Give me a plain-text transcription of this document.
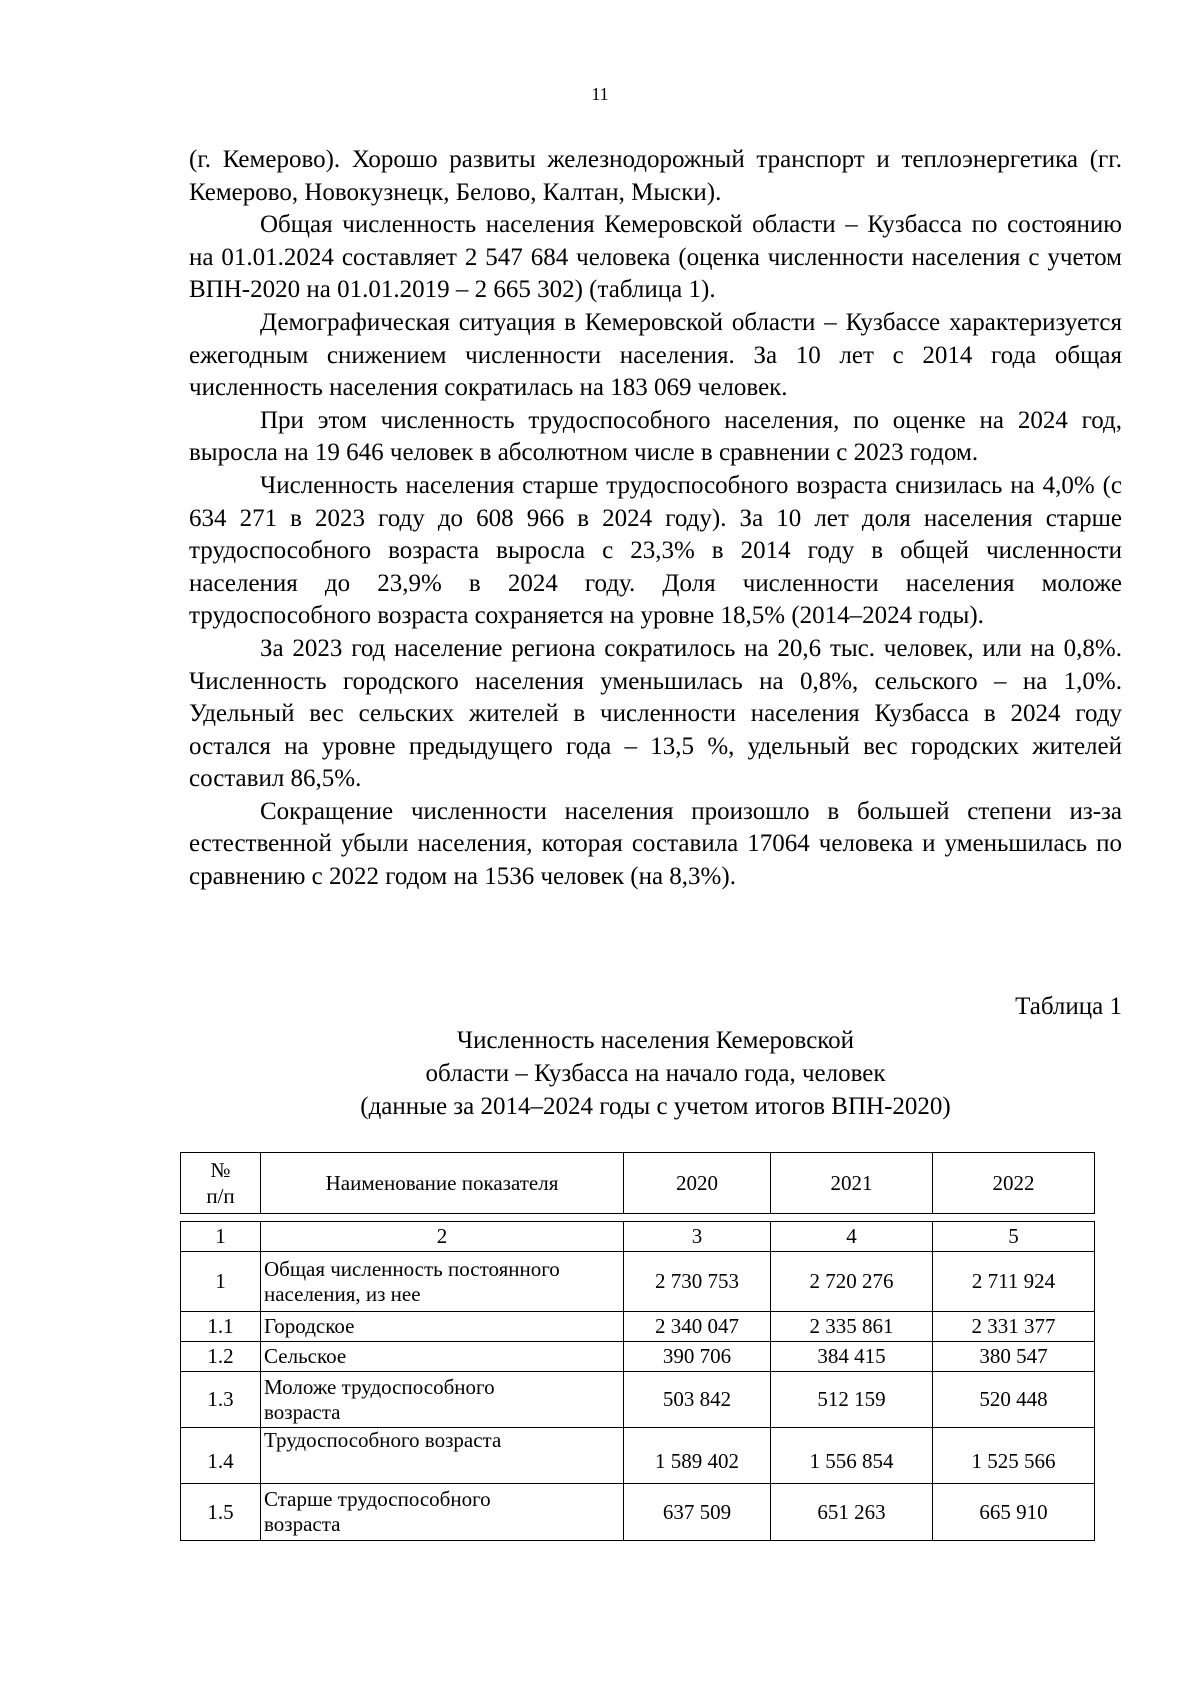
11

(г. Кемерово). Хорошо развиты железнодорожный транспорт и теплоэнергетика (гг. Кемерово, Новокузнецк, Белово, Калтан, Мыски).

Общая численность населения Кемеровской области – Кузбасса по состоянию на 01.01.2024 составляет 2 547 684 человека (оценка численности населения с учетом ВПН-2020 на 01.01.2019 – 2 665 302) (таблица 1).

Демографическая ситуация в Кемеровской области – Кузбассе характеризуется ежегодным снижением численности населения. За 10 лет с 2014 года общая численность населения сократилась на 183 069 человек.

При этом численность трудоспособного населения, по оценке на 2024 год, выросла на 19 646 человек в абсолютном числе в сравнении с 2023 годом.

Численность населения старше трудоспособного возраста снизилась на 4,0% (с 634 271 в 2023 году до 608 966 в 2024 году). За 10 лет доля населения старше трудоспособного возраста выросла с 23,3% в 2014 году в общей численности населения до 23,9% в 2024 году. Доля численности населения моложе трудоспособного возраста сохраняется на уровне 18,5% (2014–2024 годы).

За 2023 год население региона сократилось на 20,6 тыс. человек, или на 0,8%. Численность городского населения уменьшилась на 0,8%, сельского – на 1,0%. Удельный вес сельских жителей в численности населения Кузбасса в 2024 году остался на уровне предыдущего года – 13,5 %, удельный вес городских жителей составил 86,5%.

Сокращение численности населения произошло в большей степени из-за естественной убыли населения, которая составила 17064 человека и уменьшилась по сравнению с 2022 годом на 1536 человек (на 8,3%).

Таблица 1
Численность населения Кемеровской
области – Кузбасса на начало года, человек
(данные за 2014–2024 годы с учетом итогов ВПН-2020)
№
п/п	Наименование показателя	2020	2021	2022

1	2	3	4	5
1	Общая численность постоянного
населения, из нее	2 730 753	2 720 276	2 711 924
1.1	Городское	2 340 047	2 335 861	2 331 377
1.2	Сельское	390 706	384 415	380 547
1.3	Моложе трудоспособного
возраста	503 842	512 159	520 448
1.4	Трудоспособного возраста	1 589 402	1 556 854	1 525 566
1.5	Старше трудоспособного
возраста	637 509	651 263	665 910
